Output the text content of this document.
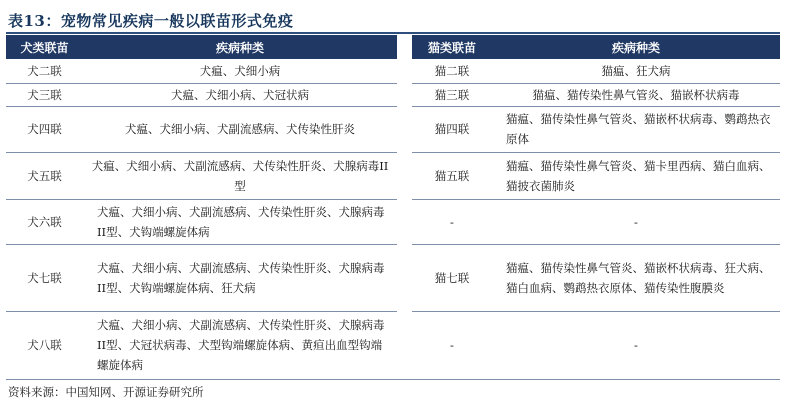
表13：宠物常见疾病一般以联苗形式免疫
犬类联苗	疾病种类
犬二联	犬瘟、犬细小病
犬三联	犬瘟、犬细小病、犬冠状病
犬四联	犬瘟、犬细小病、犬副流感病、犬传染性肝炎
犬五联	犬瘟、犬细小病、犬副流感病、犬传染性肝炎、犬腺病毒II型
犬六联	犬瘟、犬细小病、犬副流感病、犬传染性肝炎、犬腺病毒II型、犬钩端螺旋体病
犬七联	犬瘟、犬细小病、犬副流感病、犬传染性肝炎、犬腺病毒II型、犬钩端螺旋体病、狂犬病
犬八联	犬瘟、犬细小病、犬副流感病、犬传染性肝炎、犬腺病毒II型、犬冠状病毒、犬型钩端螺旋体病、黄疸出血型钩端螺旋体病
猫类联苗	疾病种类
猫二联	猫瘟、狂犬病
猫三联	猫瘟、猫传染性鼻气管炎、猫嵌杯状病毒
猫四联	猫瘟、猫传染性鼻气管炎、猫嵌杯状病毒、鹦鹉热衣原体
猫五联	猫瘟、猫传染性鼻气管炎、猫卡里西病、猫白血病、猫披衣菌肺炎
-	-
猫七联	猫瘟、猫传染性鼻气管炎、猫嵌杯状病毒、狂犬病、猫白血病、鹦鹉热衣原体、猫传染性腹膜炎
-	-
资料来源：中国知网、开源证券研究所
